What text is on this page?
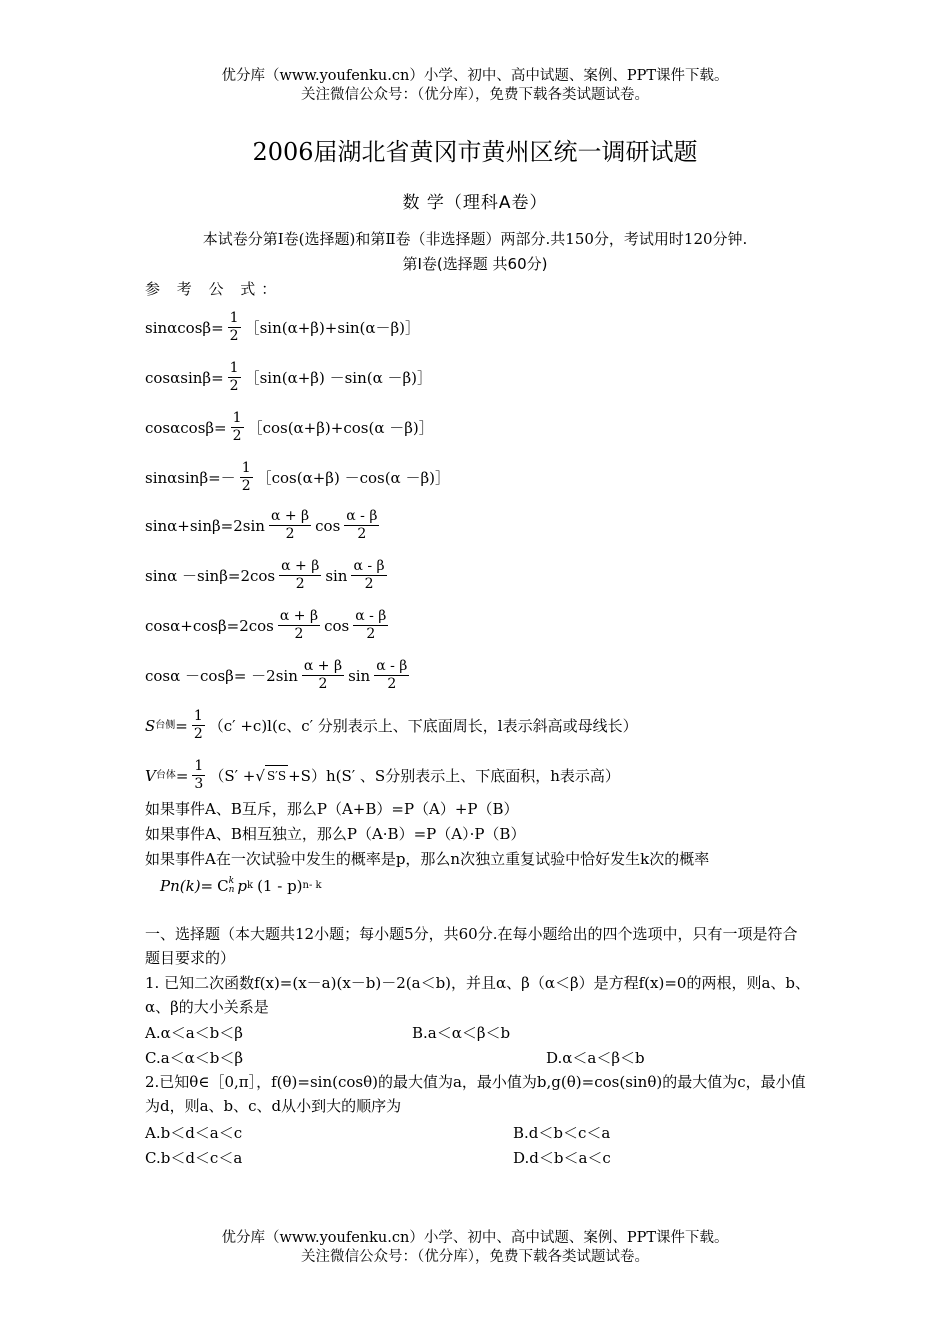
优分库（www.youfenku.cn）小学、初中、高中试题、案例、PPT课件下载。
关注微信公众号：（优分库），免费下载各类试题试卷。
2006届湖北省黄冈市黄州区统一调研试题
数 学（理科A卷）
本试卷分第Ⅰ卷(选择题)和第Ⅱ卷（非选择题）两部分.共150分，考试用时120分钟.
第Ⅰ卷(选择题 共60分)
参 考 公 式：
$\sin\alpha\cos\beta= \frac{1}{2}$ ［sin(α+β)+sin(α－β)］
$\cos\alpha\sin\beta= \frac{1}{2}$ ［sin(α+β) －sin(α －β)］
$\cos\alpha\cos\beta= \frac{1}{2}$ ［cos(α+β)+cos(α －β)］
$\sin\alpha\sin\beta=- \frac{1}{2}$ ［cos(α+β) －cos(α －β)］
$\sin\alpha+\sin\beta=2\sin \frac{\alpha + \beta}{2}$ $\cos \frac{\alpha - \beta}{2}$
$\sin\alpha -\sin\beta=2\cos \frac{\alpha + \beta}{2}$ $\sin \frac{\alpha - \beta}{2}$
$\cos\alpha+\cos\beta=2\cos \frac{\alpha + \beta}{2}$ $\cos \frac{\alpha - \beta}{2}$
$\cos\alpha -\cos\beta= -2\sin \frac{\alpha + \beta}{2}$ $\sin \frac{\alpha - \beta}{2}$
S 台侧 = $\frac{1}{2} (c' +c)l(c$、c′ 分别表示上、下底面周长，l表示斜高或母线长）
V 台体 = $\frac{1}{3} (S'$ + √ S′S +S）h(S′ 、S分别表示上、下底面积，h表示高）
如果事件A、B互斥，那么P（A+B）=P（A）+P（B）
如果事件A、B相互独立，那么P（A·B）=P（A）·P（B）
如果事件A在一次试验中发生的概率是p，那么n次独立重复试验中恰好发生k次的概率
Pn(k)= C k
n p k (1 - p) n- k
一、选择题（本大题共12小题；每小题5分，共60分.在每小题给出的四个选项中，只有一项是符合题目要求的）
1. 已知二次函数f(x)=(x－a)(x－b)－2(a＜b)，并且α、β（α＜β）是方程f(x)=0的两根，则a、b、α、β的大小关系是
A.α＜a＜b＜β	B.a＜α＜β＜b
C.a＜α＜b＜β	D.α＜a＜β＜b
2.已知θ∈［0,π］，f(θ)=sin(cosθ)的最大值为a，最小值为b,g(θ)=cos(sinθ)的最大值为c，最小值为d，则a、b、c、d从小到大的顺序为
A.b＜d＜a＜c	B.d＜b＜c＜a
C.b＜d＜c＜a	D.d＜b＜a＜c
优分库（www.youfenku.cn）小学、初中、高中试题、案例、PPT课件下载。
关注微信公众号：（优分库），免费下载各类试题试卷。
